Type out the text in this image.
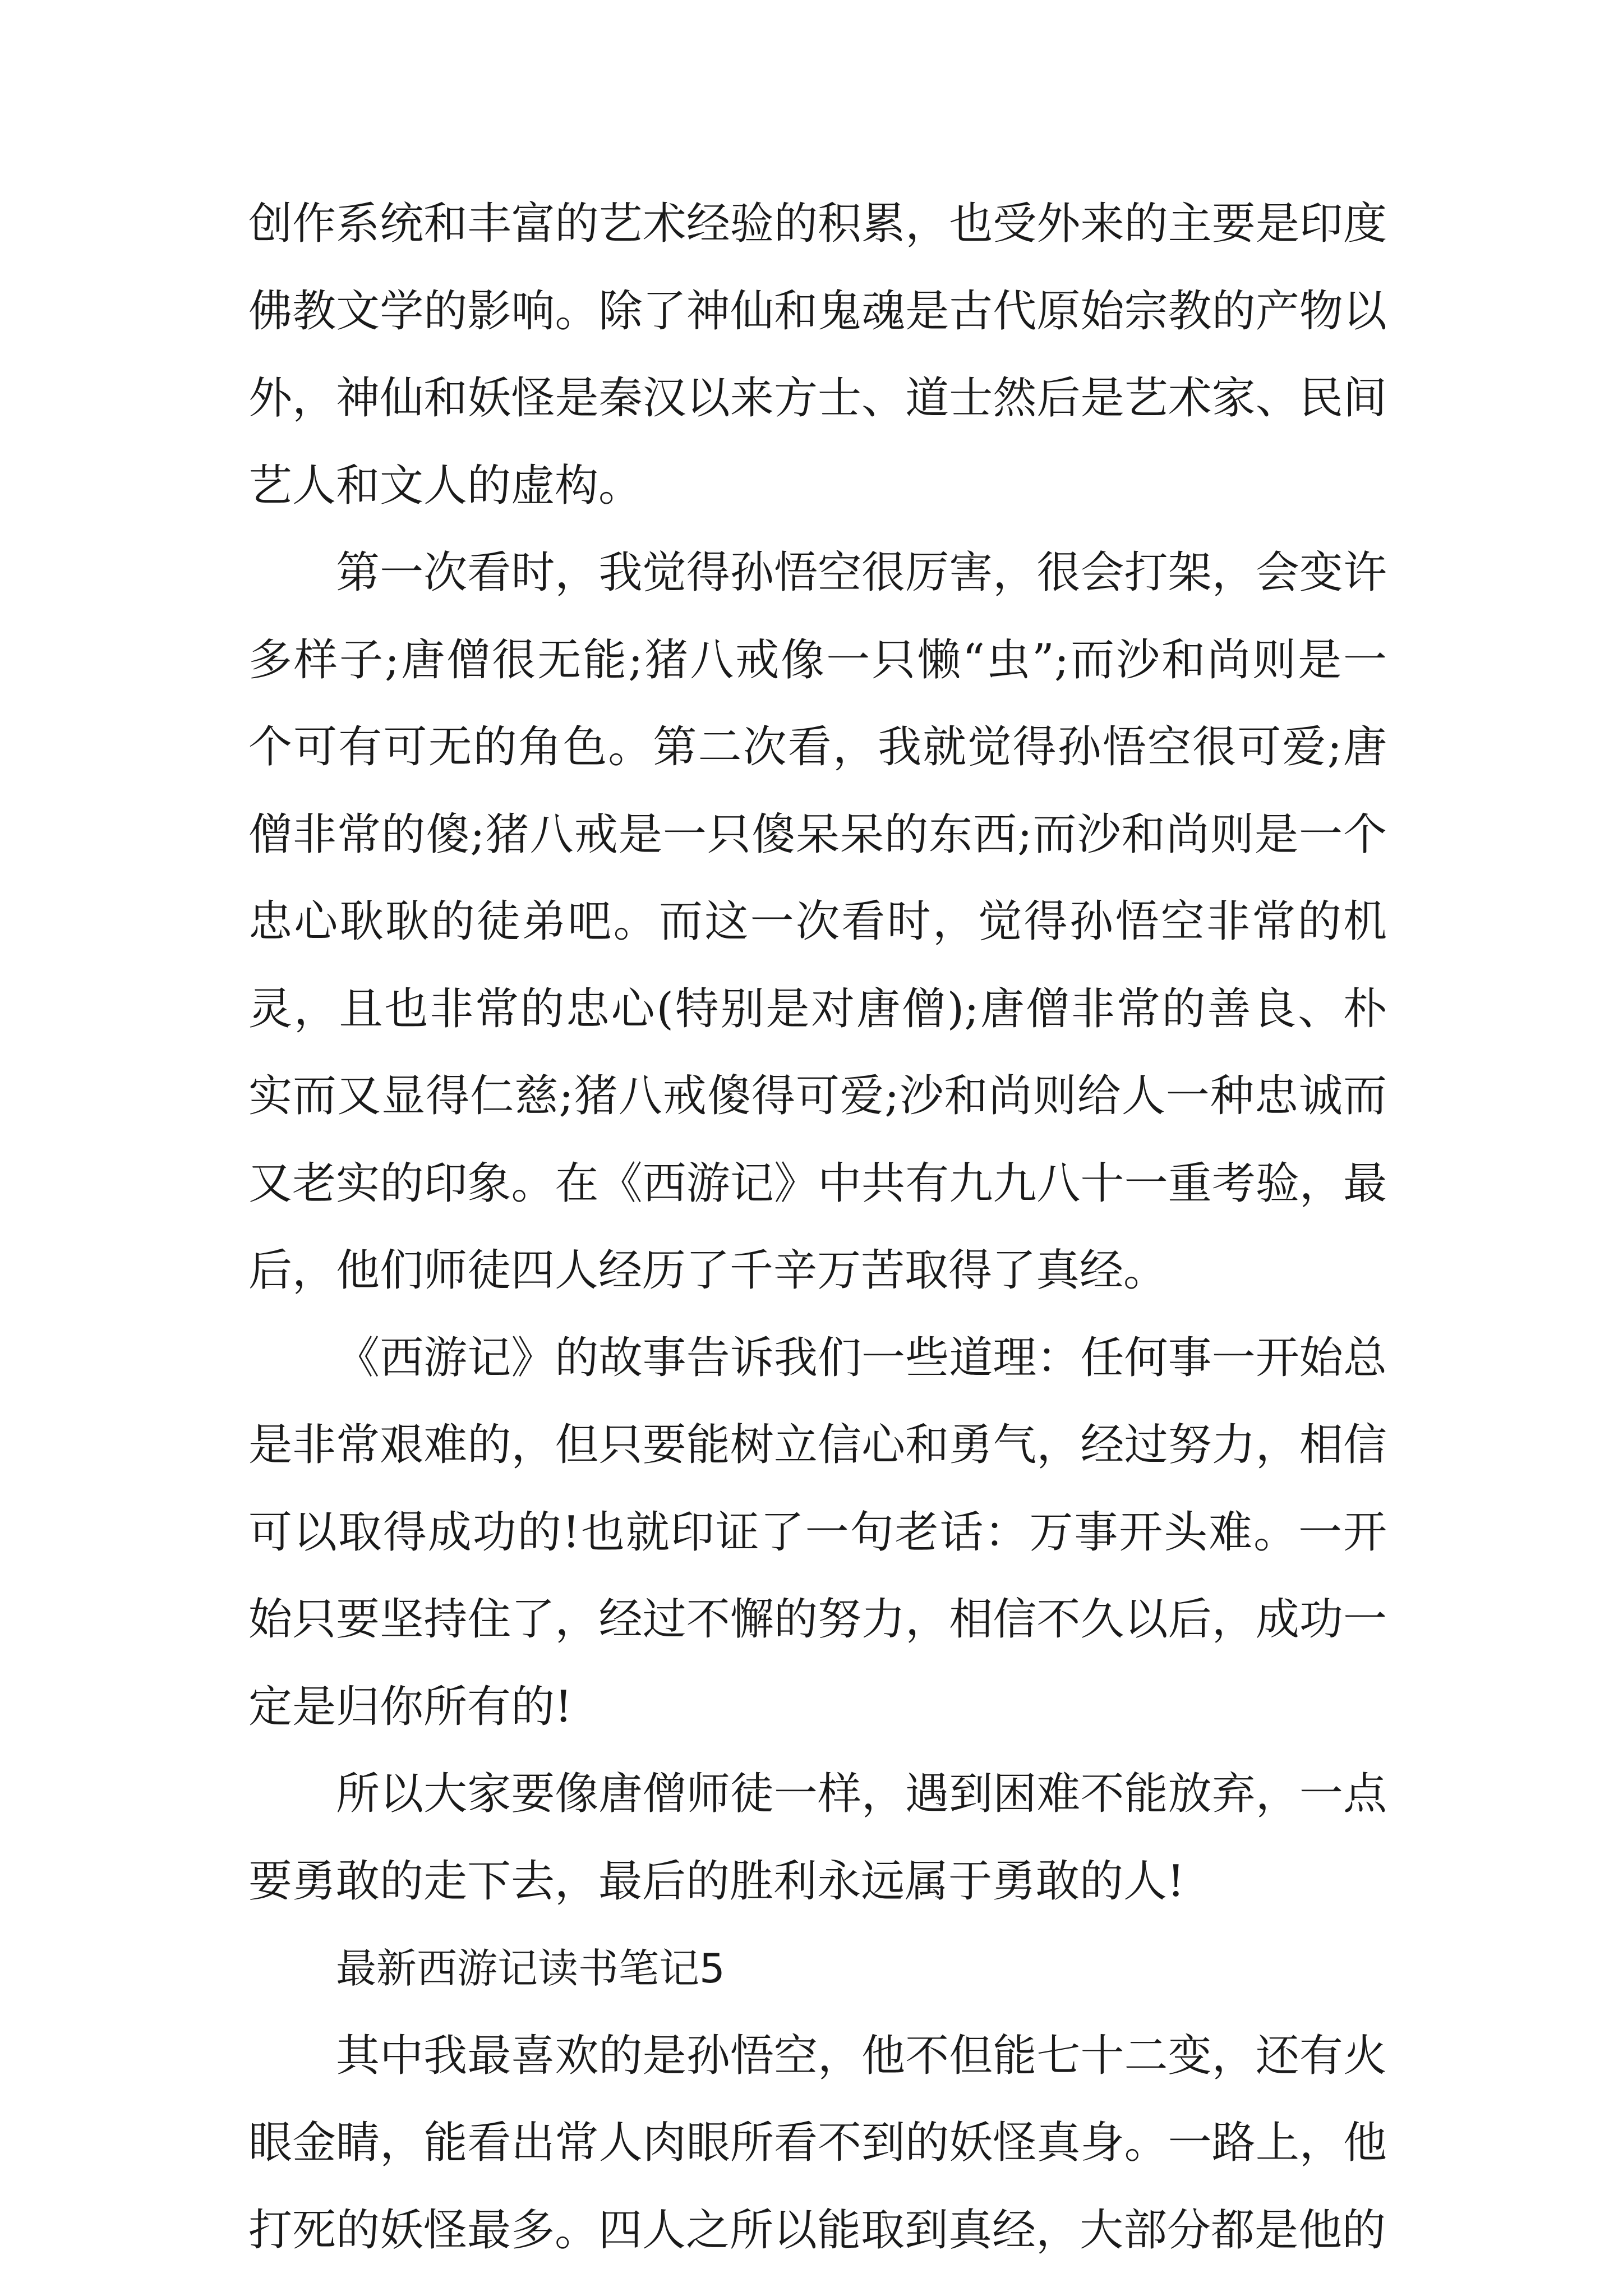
创作系统和丰富的艺术经验的积累，也受外来的主要是印度佛教文学的影响。除了神仙和鬼魂是古代原始宗教的产物以外，神仙和妖怪是秦汉以来方士、道士然后是艺术家、民间艺人和文人的虚构。

第一次看时，我觉得孙悟空很厉害，很会打架，会变许多样子;唐僧很无能;猪八戒像一只懒“虫”;而沙和尚则是一个可有可无的角色。第二次看，我就觉得孙悟空很可爱;唐僧非常的傻;猪八戒是一只傻呆呆的东西;而沙和尚则是一个忠心耿耿的徒弟吧。而这一次看时，觉得孙悟空非常的机灵，且也非常的忠心(特别是对唐僧);唐僧非常的善良、朴实而又显得仁慈;猪八戒傻得可爱;沙和尚则给人一种忠诚而又老实的印象。在《西游记》中共有九九八十一重考验，最后，他们师徒四人经历了千辛万苦取得了真经。

《西游记》的故事告诉我们一些道理：任何事一开始总是非常艰难的，但只要能树立信心和勇气，经过努力，相信可以取得成功的!也就印证了一句老话：万事开头难。一开始只要坚持住了，经过不懈的努力，相信不久以后，成功一定是归你所有的!

所以大家要像唐僧师徒一样，遇到困难不能放弃，一点要勇敢的走下去，最后的胜利永远属于勇敢的人!

最新西游记读书笔记5

其中我最喜欢的是孙悟空，他不但能七十二变，还有火眼金睛，能看出常人肉眼所看不到的妖怪真身。一路上，他打死的妖怪最多。四人之所以能取到真经，大部分都是他的
